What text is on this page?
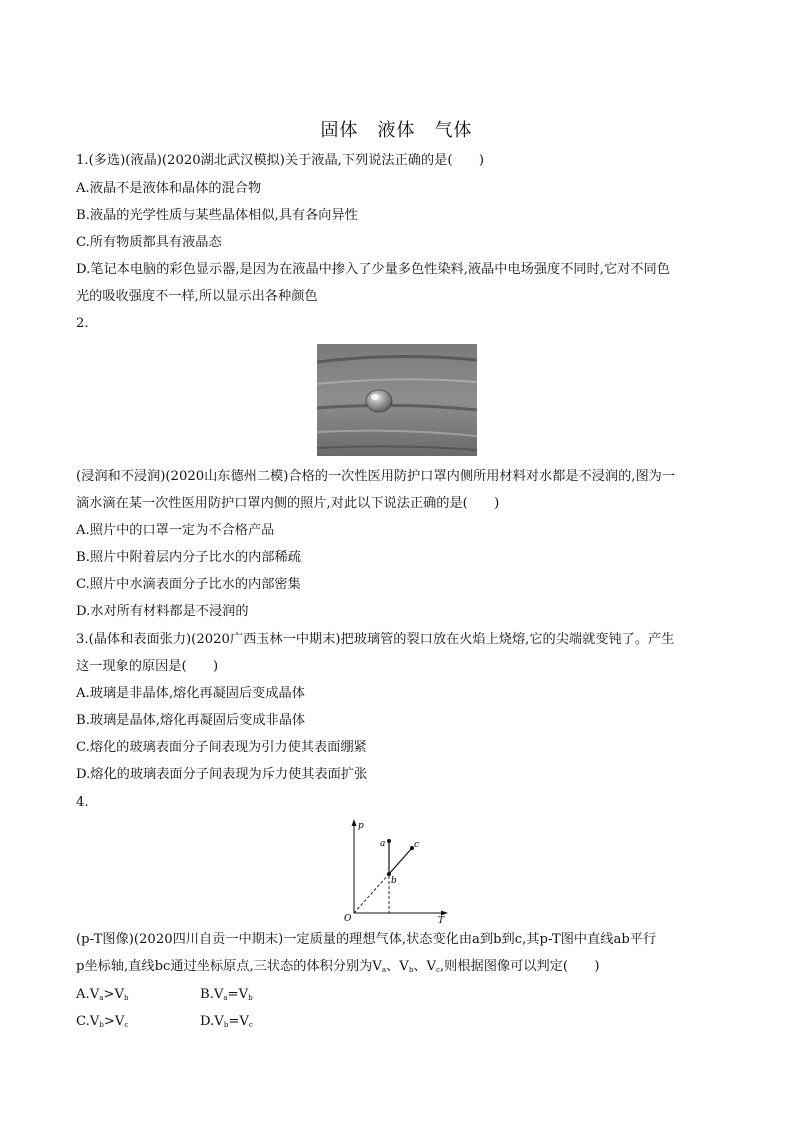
固体　液体　气体
1.(多选)(液晶)(2020湖北武汉模拟)关于液晶,下列说法正确的是(　　)
A.液晶不是液体和晶体的混合物
B.液晶的光学性质与某些晶体相似,具有各向异性
C.所有物质都具有液晶态
D.笔记本电脑的彩色显示器,是因为在液晶中掺入了少量多色性染料,液晶中电场强度不同时,它对不同色
光的吸收强度不一样,所以显示出各种颜色
2.
(浸润和不浸润)(2020山东德州二模)合格的一次性医用防护口罩内侧所用材料对水都是不浸润的,图为一
滴水滴在某一次性医用防护口罩内侧的照片,对此以下说法正确的是(　　)
A.照片中的口罩一定为不合格产品
B.照片中附着层内分子比水的内部稀疏
C.照片中水滴表面分子比水的内部密集
D.水对所有材料都是不浸润的
3.(晶体和表面张力)(2020广西玉林一中期末)把玻璃管的裂口放在火焰上烧熔,它的尖端就变钝了。产生
这一现象的原因是(　　)
A.玻璃是非晶体,熔化再凝固后变成晶体
B.玻璃是晶体,熔化再凝固后变成非晶体
C.熔化的玻璃表面分子间表现为引力使其表面绷紧
D.熔化的玻璃表面分子间表现为斥力使其表面扩张
4.
p
T
O
a
b
c
(p-T图像)(2020四川自贡一中期末)一定质量的理想气体,状态变化由a到b到c,其p-T图中直线ab平行
p坐标轴,直线bc通过坐标原点,三状态的体积分别为$V_a$、$V_b$、$V_c$,则根据图像可以判定(　　)
$A.V_a>V_b$	$B.V_a=V_b$
$C.V_b>V_c$	$D.V_b=V_c$
